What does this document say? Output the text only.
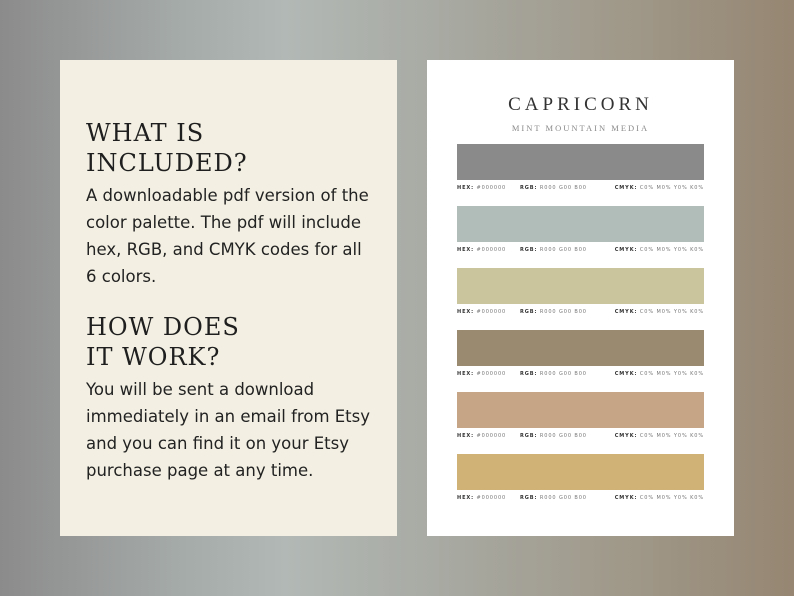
WHAT IS
INCLUDED?

A downloadable pdf version of the color palette. The pdf will include hex, RGB, and CMYK codes for all 6 colors.

HOW DOES
IT WORK?

You will be sent a download immediately in an email from Etsy and you can find it on your Etsy purchase page at any time.

CAPRICORN
MINT MOUNTAIN MEDIA
HEX: #000000	RGB: R000 G00 B00	CMYK: C0% M0% Y0% K0%
HEX: #000000	RGB: R000 G00 B00	CMYK: C0% M0% Y0% K0%
HEX: #000000	RGB: R000 G00 B00	CMYK: C0% M0% Y0% K0%
HEX: #000000	RGB: R000 G00 B00	CMYK: C0% M0% Y0% K0%
HEX: #000000	RGB: R000 G00 B00	CMYK: C0% M0% Y0% K0%
HEX: #000000	RGB: R000 G00 B00	CMYK: C0% M0% Y0% K0%
